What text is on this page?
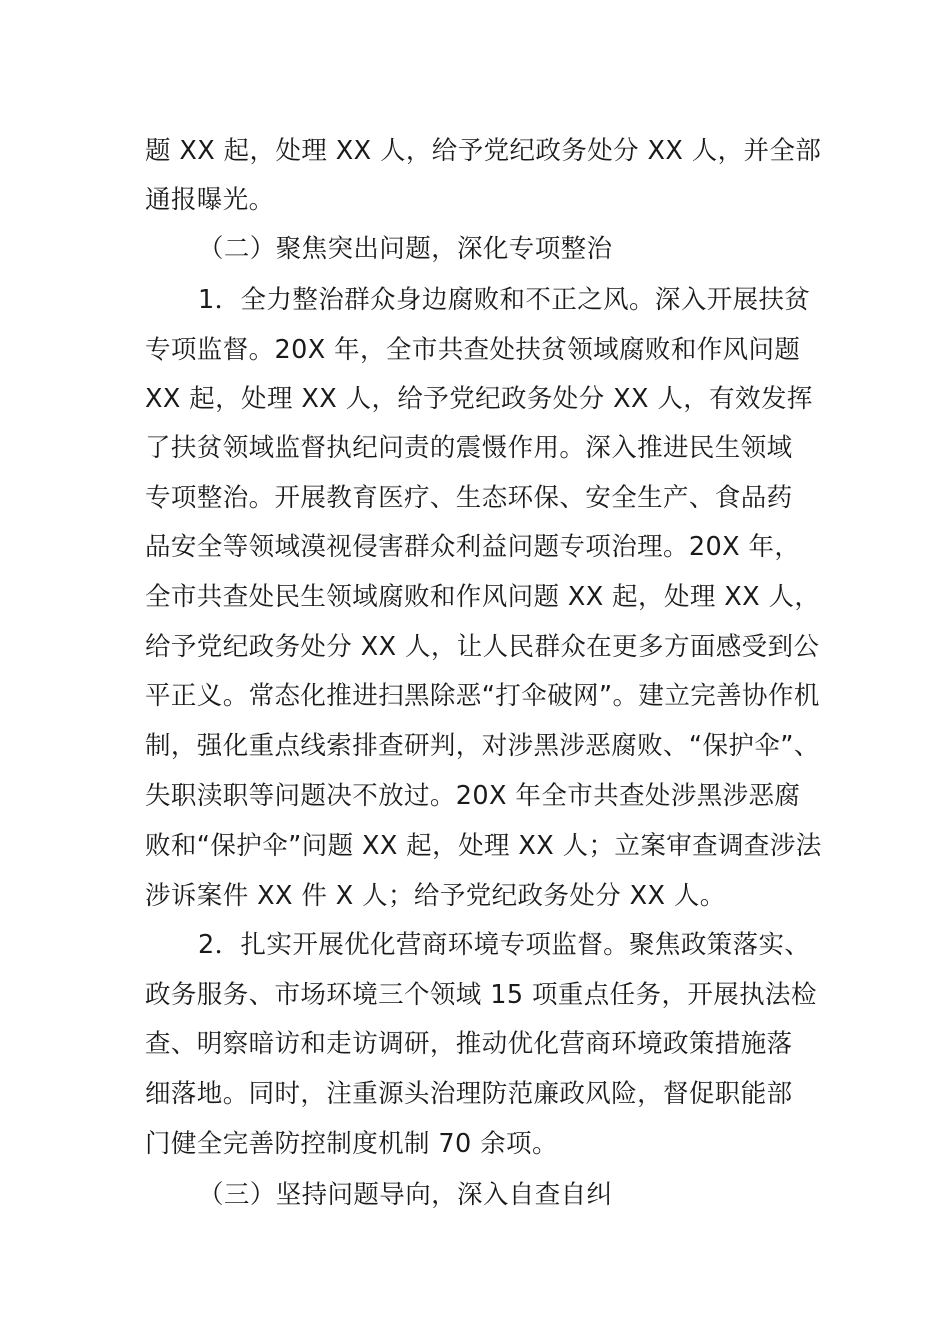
题 XX 起，处理 XX 人，给予党纪政务处分 XX 人，并全部
通报曝光。
（二）聚焦突出问题，深化专项整治
1．全力整治群众身边腐败和不正之风。深入开展扶贫
专项监督。20X 年，全市共查处扶贫领域腐败和作风问题
XX 起，处理 XX 人，给予党纪政务处分 XX 人，有效发挥
了扶贫领域监督执纪问责的震慑作用。深入推进民生领域
专项整治。开展教育医疗、生态环保、安全生产、食品药
品安全等领域漠视侵害群众利益问题专项治理。20X 年，
全市共查处民生领域腐败和作风问题 XX 起，处理 XX 人，
给予党纪政务处分 XX 人，让人民群众在更多方面感受到公
平正义。常态化推进扫黑除恶“打伞破网”。建立完善协作机
制，强化重点线索排查研判，对涉黑涉恶腐败、“保护伞”、
失职渎职等问题决不放过。20X 年全市共查处涉黑涉恶腐
败和“保护伞”问题 XX 起，处理 XX 人；立案审查调查涉法
涉诉案件 XX 件 X 人；给予党纪政务处分 XX 人。
2．扎实开展优化营商环境专项监督。聚焦政策落实、
政务服务、市场环境三个领域 15 项重点任务，开展执法检
查、明察暗访和走访调研，推动优化营商环境政策措施落
细落地。同时，注重源头治理防范廉政风险，督促职能部
门健全完善防控制度机制 70 余项。
（三）坚持问题导向，深入自查自纠
